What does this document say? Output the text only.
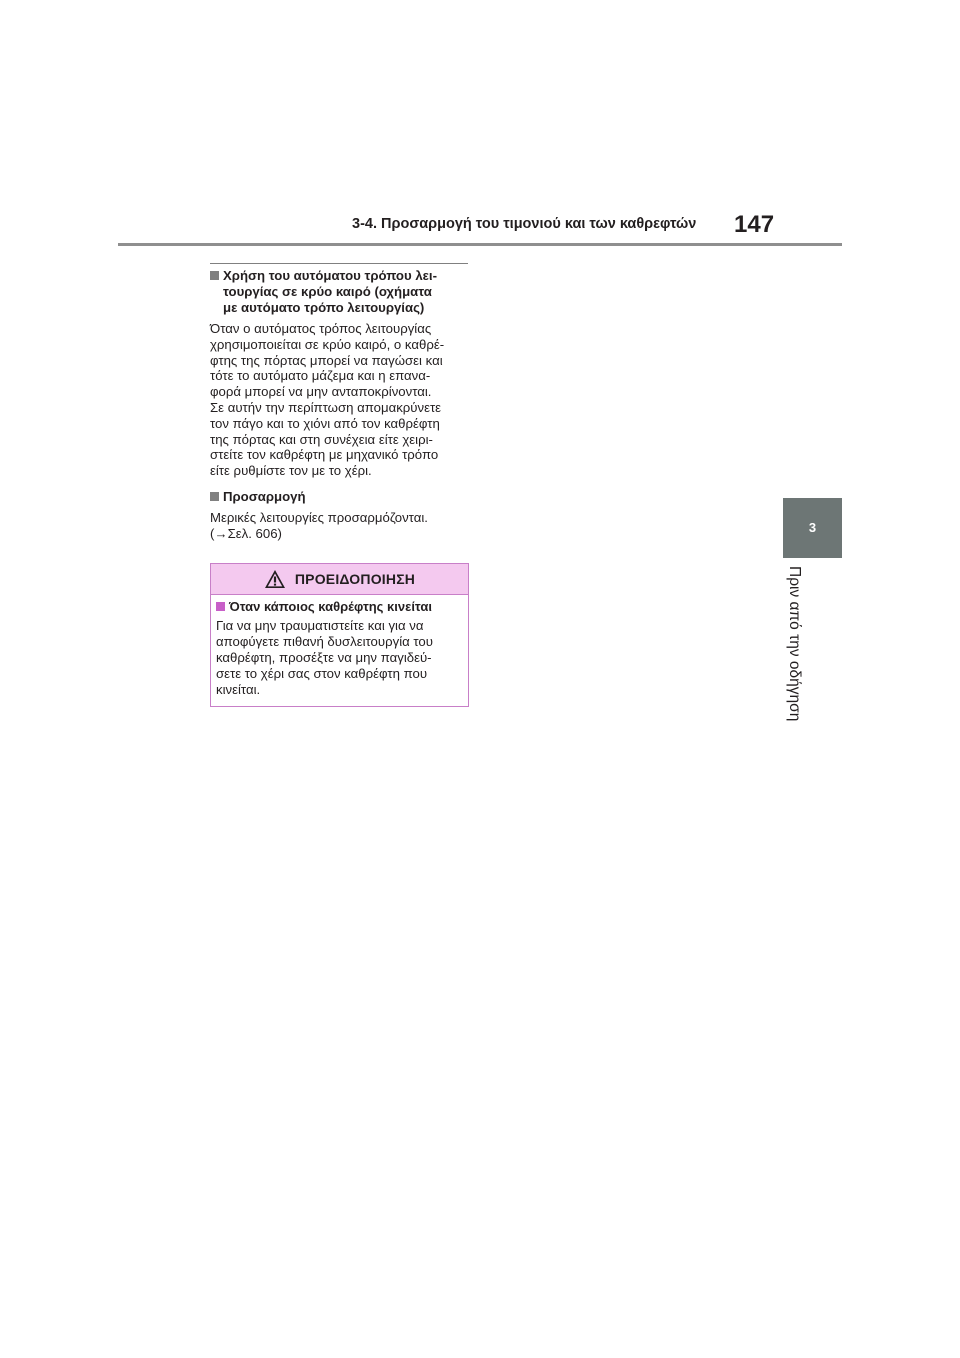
3-4. Προσαρμογή του τιμονιού και των καθρεφτών 147
3
Πριν από την οδήγηση
Χρήση του αυτόματου τρόπου λει-
τουργίας σε κρύο καιρό (οχήματα
με αυτόματο τρόπο λειτουργίας)

Όταν ο αυτόματος τρόπος λειτουργίας
χρησιμοποιείται σε κρύο καιρό, ο καθρέ-
φτης της πόρτας μπορεί να παγώσει και
τότε το αυτόματο μάζεμα και η επανα-
φορά μπορεί να μην ανταποκρίνονται.
Σε αυτήν την περίπτωση απομακρύνετε
τον πάγο και το χιόνι από τον καθρέφτη
της πόρτας και στη συνέχεια είτε χειρι-
στείτε τον καθρέφτη με μηχανικό τρόπο
είτε ρυθμίστε τον με το χέρι.

Προσαρμογή

Μερικές λειτουργίες προσαρμόζονται.
(→Σελ. 606)

ΠΡΟΕΙΔΟΠΟΙΗΣΗ
Όταν κάποιος καθρέφτης κινείται

Για να μην τραυματιστείτε και για να
αποφύγετε πιθανή δυσλειτουργία του
καθρέφτη, προσέξτε να μην παγιδεύ-
σετε το χέρι σας στον καθρέφτη που
κινείται.
